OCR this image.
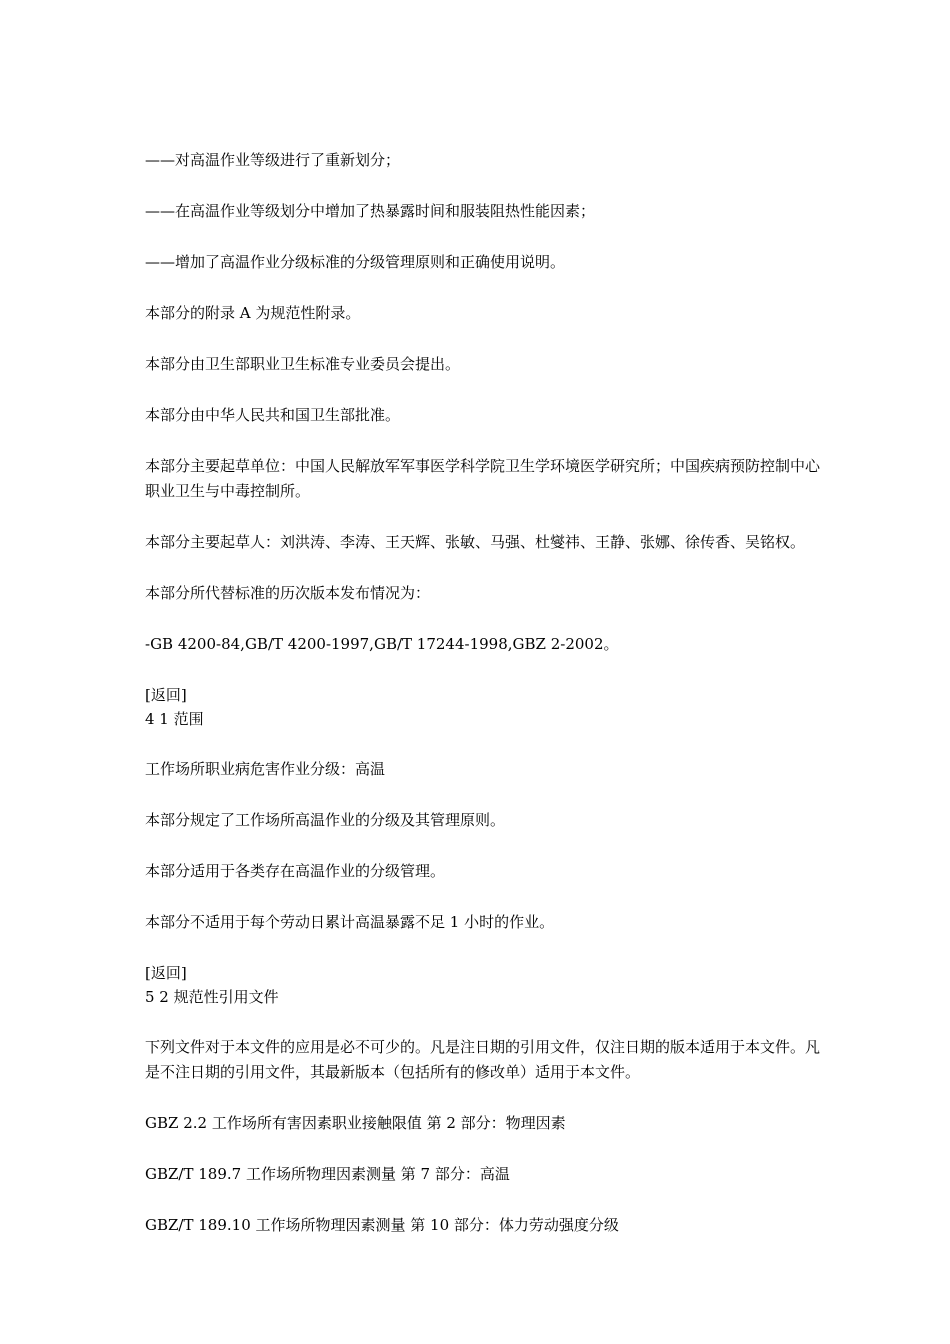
——对高温作业等级进行了重新划分；

——在高温作业等级划分中增加了热暴露时间和服装阻热性能因素；

——增加了高温作业分级标准的分级管理原则和正确使用说明。

本部分的附录 A 为规范性附录。

本部分由卫生部职业卫生标准专业委员会提出。

本部分由中华人民共和国卫生部批准。

本部分主要起草单位：中国人民解放军军事医学科学院卫生学环境医学研究所；中国疾病预防控制中心职业卫生与中毒控制所。

本部分主要起草人：刘洪涛、李涛、王天辉、张敏、马强、杜燮祎、王静、张娜、徐传香、吴铭权。

本部分所代替标准的历次版本发布情况为：

-GB 4200-84,GB/T 4200-1997,GB/T 17244-1998,GBZ 2-2002。

[返回]
4 1 范围

工作场所职业病危害作业分级：高温

本部分规定了工作场所高温作业的分级及其管理原则。

本部分适用于各类存在高温作业的分级管理。

本部分不适用于每个劳动日累计高温暴露不足 1 小时的作业。

[返回]
5 2 规范性引用文件

下列文件对于本文件的应用是必不可少的。凡是注日期的引用文件，仅注日期的版本适用于本文件。凡是不注日期的引用文件，其最新版本（包括所有的修改单）适用于本文件。

GBZ 2.2 工作场所有害因素职业接触限值 第 2 部分：物理因素

GBZ/T 189.7 工作场所物理因素测量 第 7 部分：高温

GBZ/T 189.10 工作场所物理因素测量 第 10 部分：体力劳动强度分级
